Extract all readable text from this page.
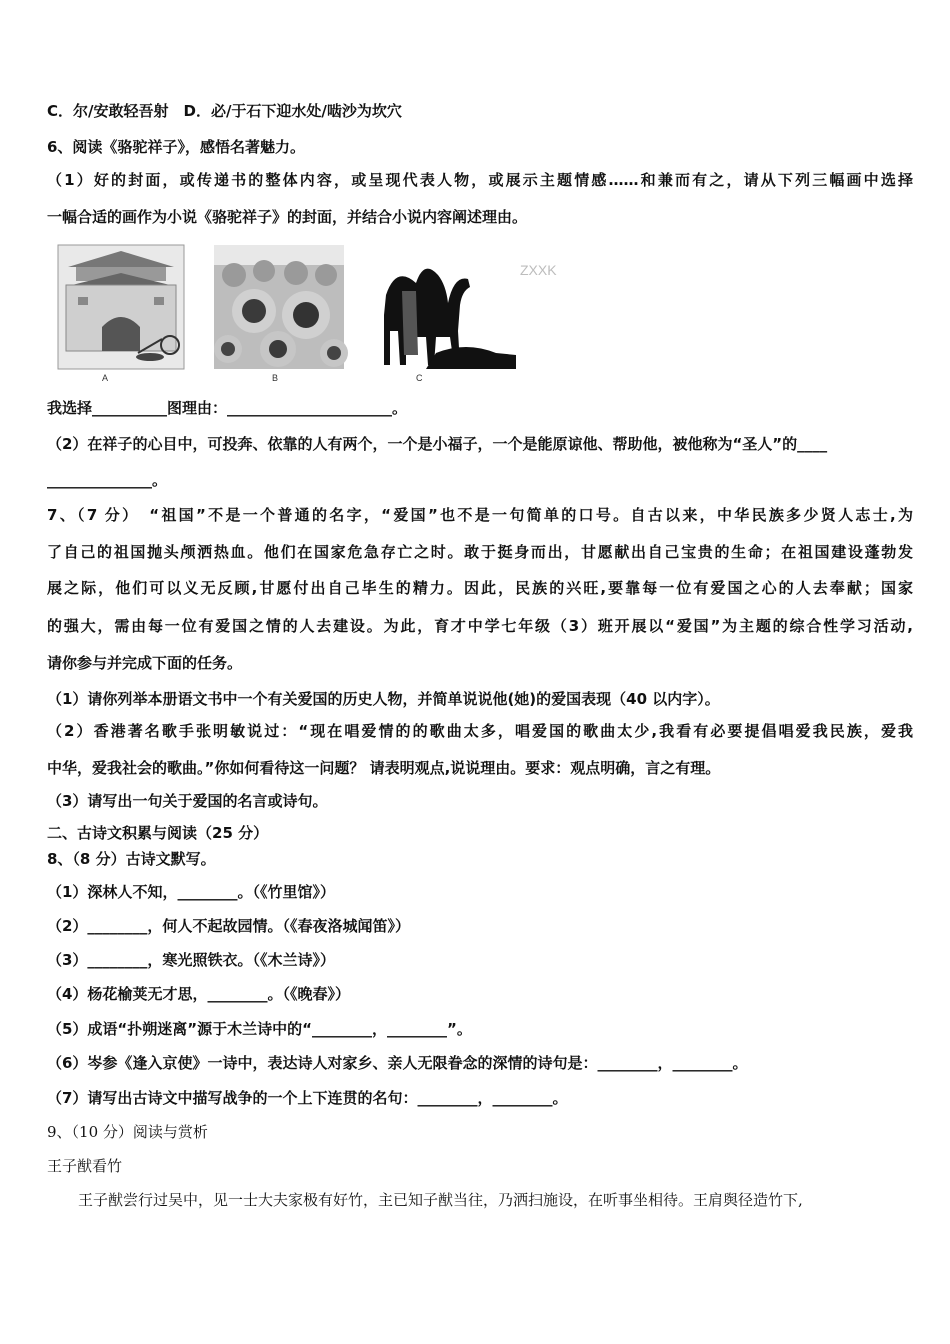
C．尔/安敢轻吾射　D．必/于石下迎水处/啮沙为坎穴
6、阅读《骆驼祥子》，感悟名著魅力。
（1）好的封面，或传递书的整体内容，或呈现代表人物，或展示主题情感……和兼而有之，请从下列三幅画中选择
一幅合适的画作为小说《骆驼祥子》的封面，并结合小说内容阐述理由。
A	B
ZXXK
C
我选择__________图理由：______________________。
（2）在祥子的心目中，可投奔、依靠的人有两个，一个是小福子，一个是能原谅他、帮助他，被他称为“圣人”的____
______________。
7、（7 分）　“祖国”不是一个普通的名字，“爱国”也不是一句简单的口号。自古以来，中华民族多少贤人志士,为
了自己的祖国抛头颅洒热血。他们在国家危急存亡之时。敢于挺身而出，甘愿献出自己宝贵的生命；在祖国建设蓬勃发
展之际，他们可以义无反顾,甘愿付出自己毕生的精力。因此，民族的兴旺,要靠每一位有爱国之心的人去奉献；国家
的强大，需由每一位有爱国之情的人去建设。为此，育才中学七年级（3）班开展以“爱国”为主题的综合性学习活动,
请你参与并完成下面的任务。
（1）请你列举本册语文书中一个有关爱国的历史人物，并简单说说他(她)的爱国表现（40 以内字）。
（2）香港著名歌手张明敏说过：“现在唱爱情的的歌曲太多，唱爱国的歌曲太少,我看有必要提倡唱爱我民族，爱我
中华，爱我社会的歌曲。”你如何看待这一问题？ 请表明观点,说说理由。要求：观点明确，言之有理。
（3）请写出一句关于爱国的名言或诗句。
二、古诗文积累与阅读（25 分）
8、（8 分）古诗文默写。
（1）深林人不知，________。（《竹里馆》）
（2）________，何人不起故园情。（《春夜洛城闻笛》）
（3）________，寒光照铁衣。（《木兰诗》）
（4）杨花榆荚无才思，________。（《晚春》）
（5）成语“扑朔迷离”源于木兰诗中的“________，________”。
（6）岑参《逢入京使》一诗中，表达诗人对家乡、亲人无限眷念的深情的诗句是：________，________。
（7）请写出古诗文中描写战争的一个上下连贯的名句：________，________。
9、（10 分）阅读与赏析
王子猷看竹
王子猷尝行过吴中，见一士大夫家极有好竹，主已知子猷当往，乃洒扫施设，在听事坐相待。王肩舆径造竹下,
